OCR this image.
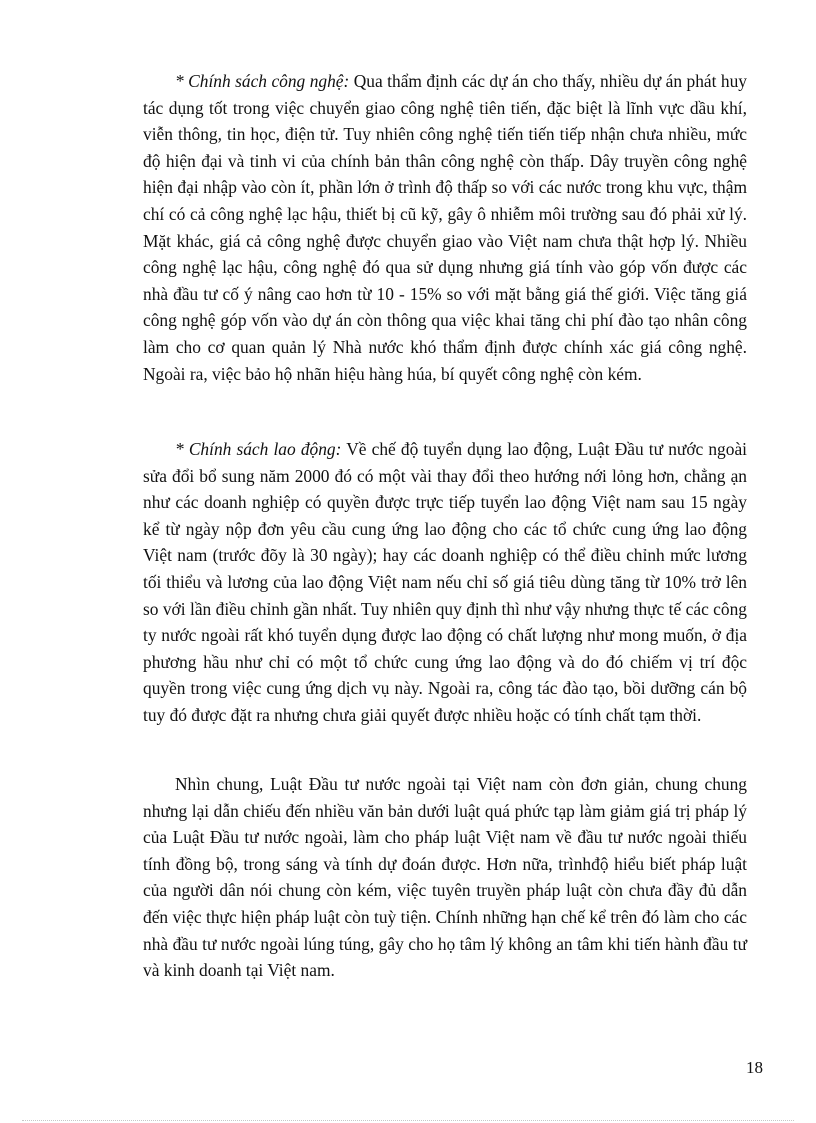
* Chính sách công nghệ: Qua thẩm định các dự án cho thấy, nhiều dự án phát huy tác dụng tốt trong việc chuyển giao công nghệ tiên tiến, đặc biệt là lĩnh vực dầu khí, viễn thông, tin học, điện tử. Tuy nhiên công nghệ tiến tiến tiếp nhận chưa nhiều, mức độ hiện đại và tinh vi của chính bản thân công nghệ còn thấp. Dây truyền công nghệ hiện đại nhập vào còn ít, phần lớn ở trình độ thấp so với các nước trong khu vực, thậm chí có cả công nghệ lạc hậu, thiết bị cũ kỹ, gây ô nhiễm môi trường sau đó phải xử lý. Mặt khác, giá cả công nghệ được chuyển giao vào Việt nam chưa thật hợp lý. Nhiều công nghệ lạc hậu, công nghệ đó qua sử dụng nhưng giá tính vào góp vốn được các nhà đầu tư cố ý nâng cao hơn từ 10 - 15% so với mặt bằng giá thế giới. Việc tăng giá công nghệ góp vốn vào dự án còn thông qua việc khai tăng chi phí đào tạo nhân công làm cho cơ quan quản lý Nhà nước khó thẩm định được chính xác giá công nghệ. Ngoài ra, việc bảo hộ nhãn hiệu hàng húa, bí quyết công nghệ còn kém.

* Chính sách lao động: Về chế độ tuyển dụng lao động, Luật Đầu tư nước ngoài sửa đổi bổ sung năm 2000 đó có một vài thay đổi theo hướng nới lỏng hơn, chẳng ạn như các doanh nghiệp có quyền được trực tiếp tuyển lao động Việt nam sau 15 ngày kể từ ngày nộp đơn yêu cầu cung ứng lao động cho các tổ chức cung ứng lao động Việt nam (trước đõy là 30 ngày); hay các doanh nghiệp có thể điều chỉnh mức lương tối thiểu và lương của lao động Việt nam nếu chỉ số giá tiêu dùng tăng từ 10% trở lên so với lần điều chỉnh gần nhất. Tuy nhiên quy định thì như vậy nhưng thực tế các công ty nước ngoài rất khó tuyển dụng được lao động có chất lượng như mong muốn, ở địa phương hầu như chỉ có một tổ chức cung ứng lao động và do đó chiếm vị trí độc quyền trong việc cung ứng dịch vụ này. Ngoài ra, công tác đào tạo, bồi dưỡng cán bộ tuy đó được đặt ra nhưng chưa giải quyết được nhiều hoặc có tính chất tạm thời.

Nhìn chung, Luật Đầu tư nước ngoài tại Việt nam còn đơn giản, chung chung nhưng lại dẫn chiếu đến nhiều văn bản dưới luật quá phức tạp làm giảm giá trị pháp lý của Luật Đầu tư nước ngoài, làm cho pháp luật Việt nam về đầu tư nước ngoài thiếu tính đồng bộ, trong sáng và tính dự đoán được. Hơn nữa, trìnhđộ hiểu biết pháp luật của người dân nói chung còn kém, việc tuyên truyền pháp luật còn chưa đầy đủ dẫn đến việc thực hiện pháp luật còn tuỳ tiện. Chính những hạn chế kể trên đó làm cho các nhà đầu tư nước ngoài lúng túng, gây cho họ tâm lý không an tâm khi tiến hành đầu tư và kinh doanh tại Việt nam.

18
